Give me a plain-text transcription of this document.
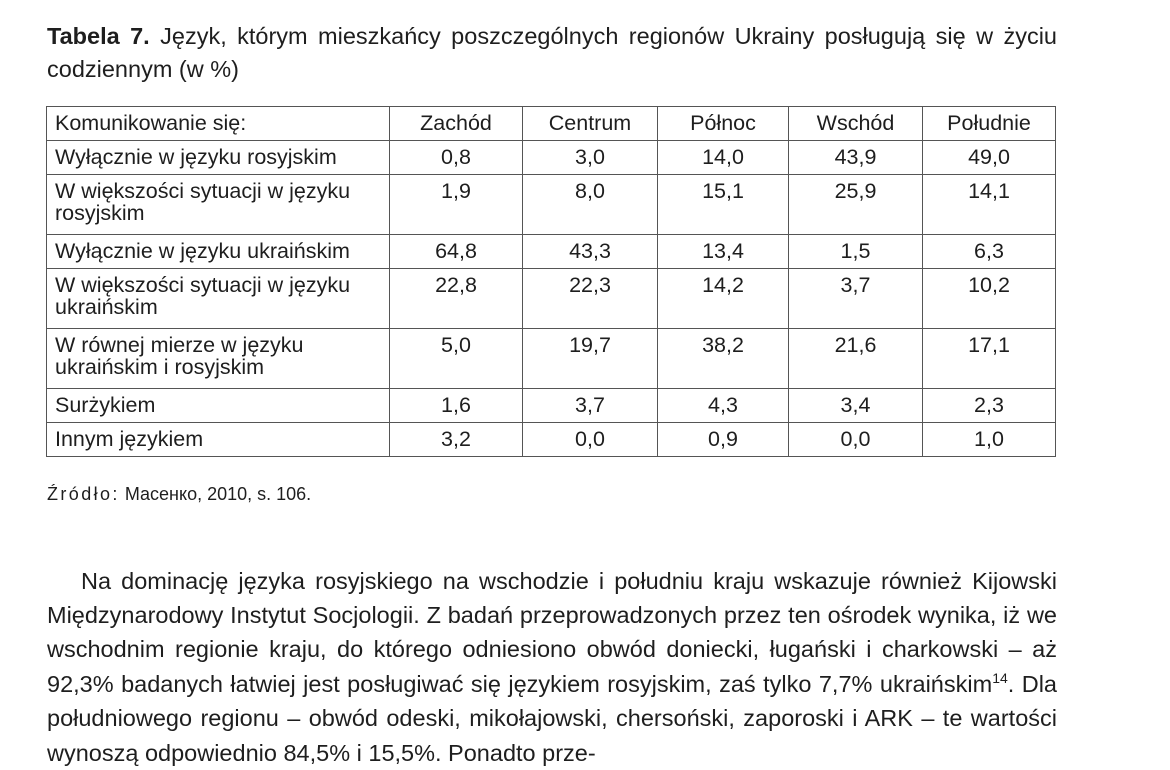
Tabela 7. Język, którym mieszkańcy poszczególnych regionów Ukrainy posługują się w życiu codziennym (w %)
Komunikowanie się:	Zachód	Centrum	Północ	Wschód	Południe
Wyłącznie w języku rosyjskim	0,8	3,0	14,0	43,9	49,0
W większości sytuacji w języku rosyjskim	1,9	8,0	15,1	25,9	14,1
Wyłącznie w języku ukraińskim	64,8	43,3	13,4	1,5	6,3
W większości sytuacji w języku ukraińskim	22,8	22,3	14,2	3,7	10,2
W równej mierze w języku ukraińskim i rosyjskim	5,0	19,7	38,2	21,6	17,1
Surżykiem	1,6	3,7	4,3	3,4	2,3
Innym językiem	3,2	0,0	0,9	0,0	1,0
Źródło: Масенко, 2010, s. 106.

Na dominację języka rosyjskiego na wschodzie i południu kraju wskazuje również Kijowski Międzynarodowy Instytut Socjologii. Z badań przeprowadzonych przez ten ośrodek wynika, iż we wschodnim regionie kraju, do którego odniesiono obwód doniecki, ługański i charkowski – aż 92,3% badanych łatwiej jest posługiwać się językiem rosyjskim, zaś tylko 7,7% ukraińskim$^{14}$. Dla południowego regionu – obwód odeski, mikołajowski, chersoński, zaporoski i ARK – te wartości wynoszą odpowiednio 84,5% i 15,5%. Ponadto prze-
